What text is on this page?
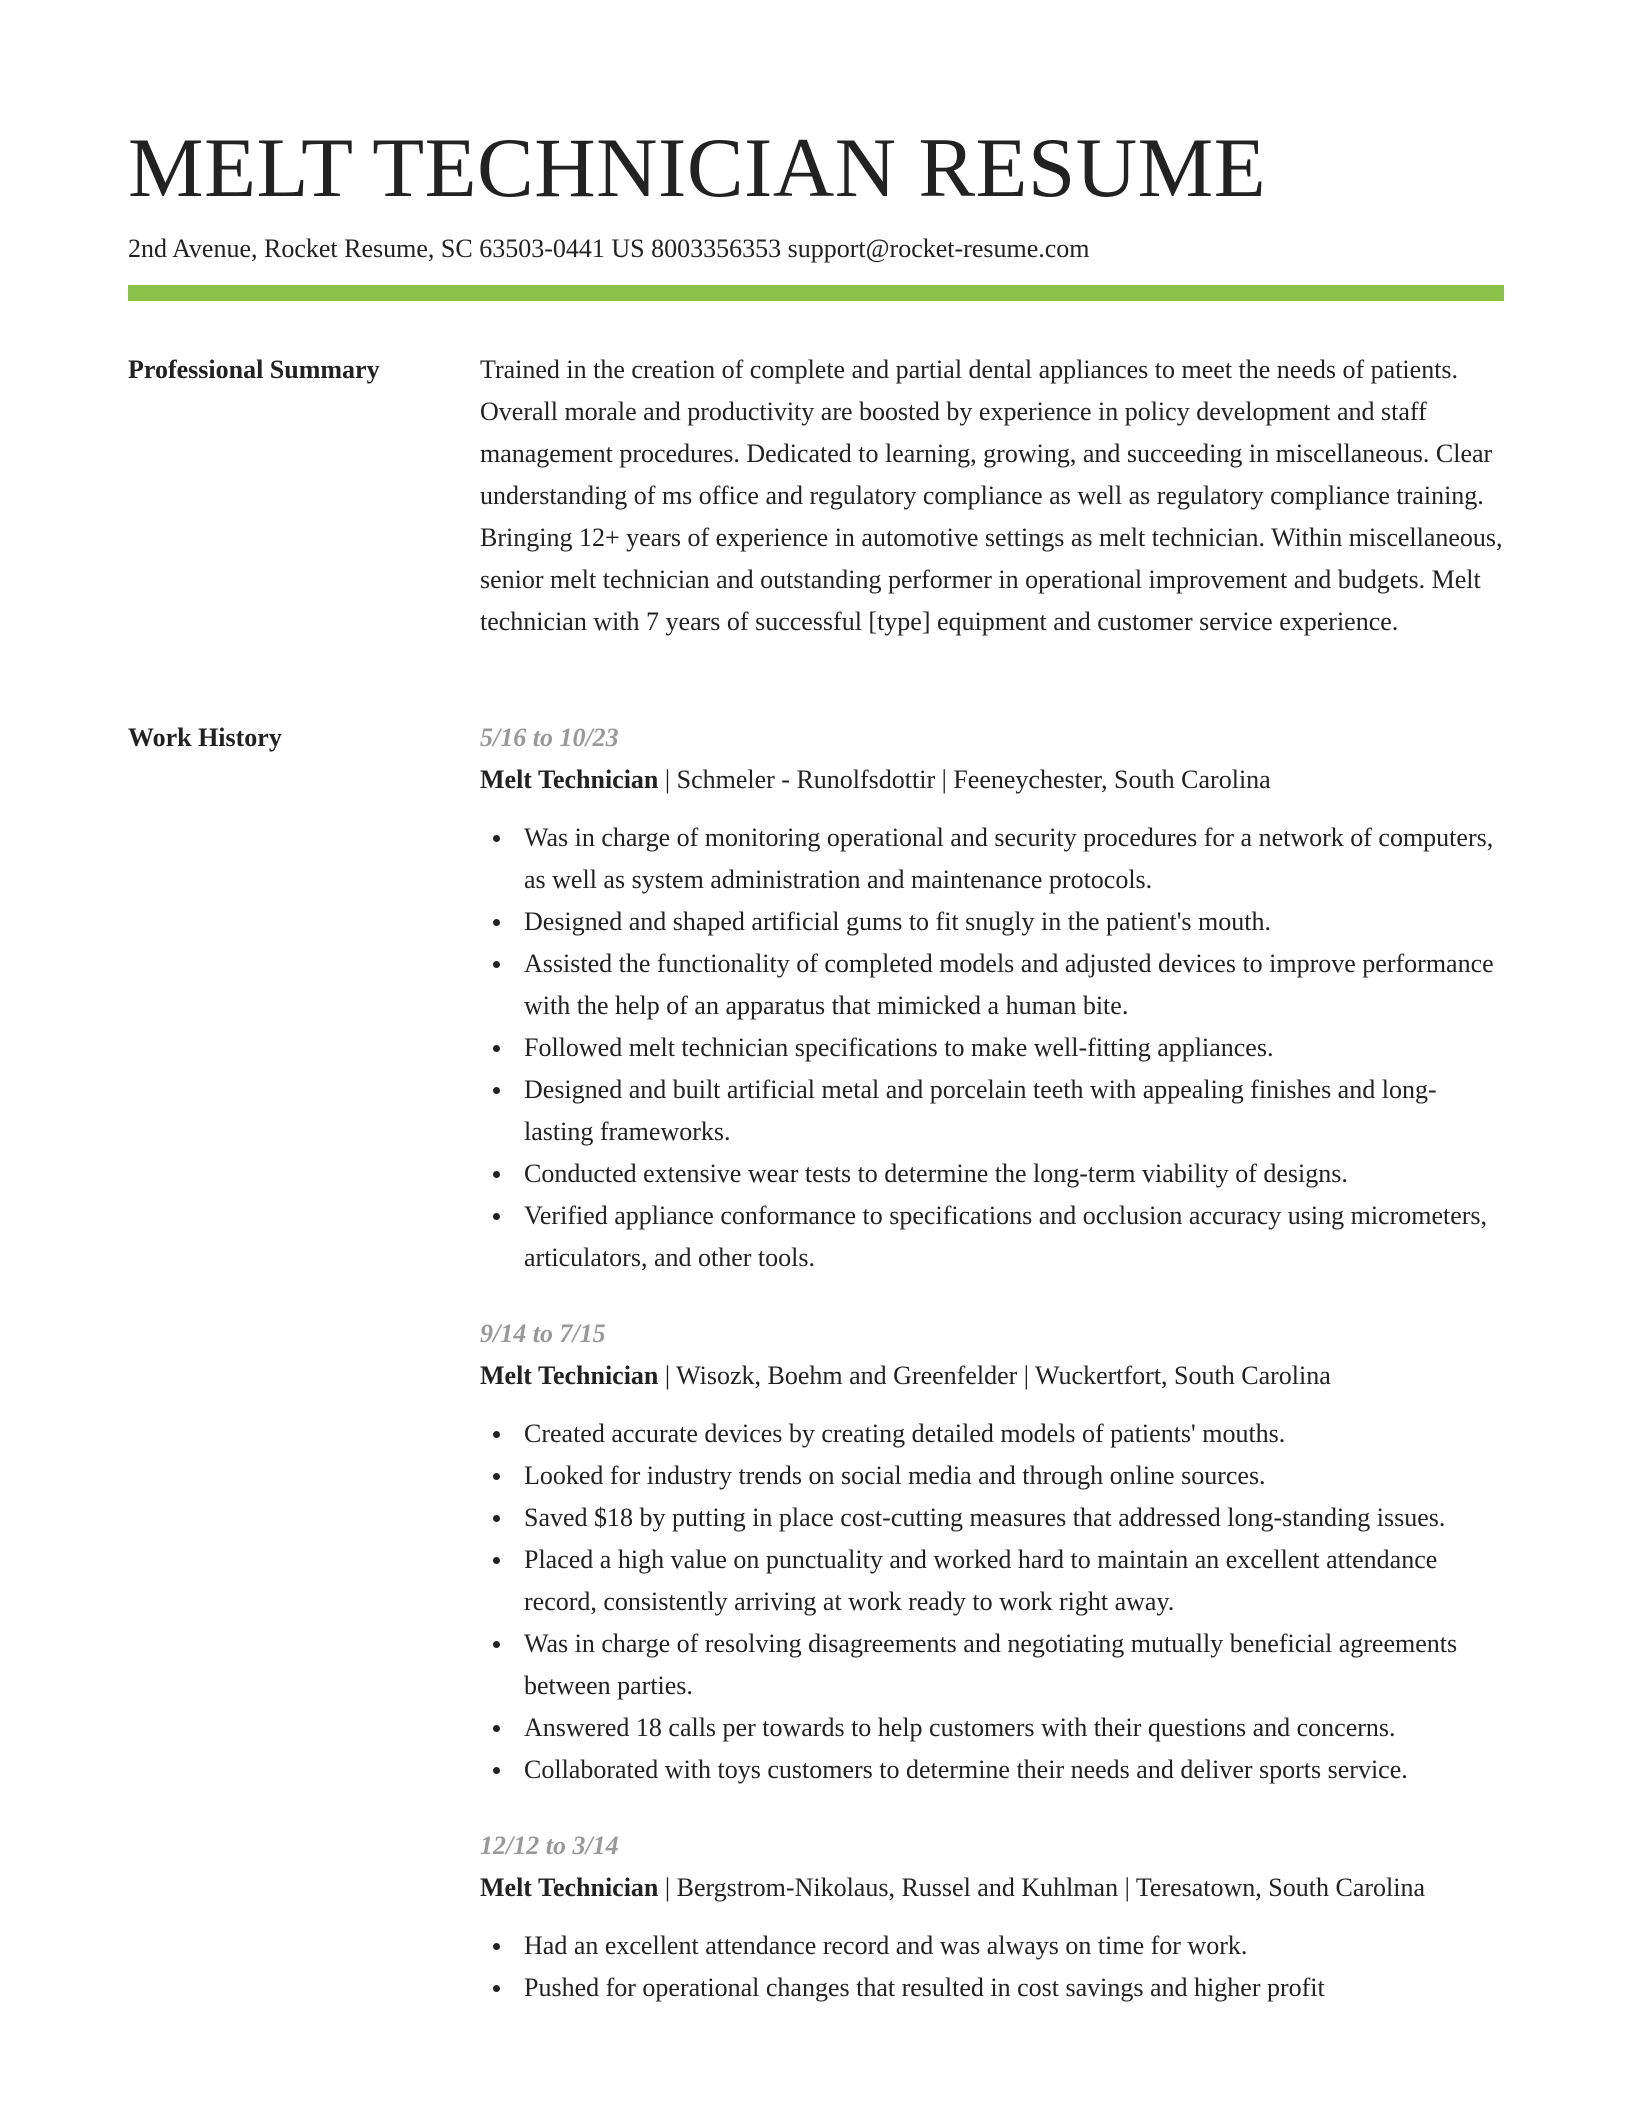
MELT TECHNICIAN RESUME
2nd Avenue, Rocket Resume, SC 63503-0441 US 8003356353 support@rocket-resume.com
Professional Summary	Trained in the creation of complete and partial dental appliances to meet the needs of patients. Overall morale and productivity are boosted by experience in policy development and staff management procedures. Dedicated to learning, growing, and succeeding in miscellaneous. Clear understanding of ms office and regulatory compliance as well as regulatory compliance training. Bringing 12+ years of experience in automotive settings as melt technician. Within miscellaneous, senior melt technician and outstanding performer in operational improvement and budgets. Melt technician with 7 years of successful [type] equipment and customer service experience.

Work History	5/16 to 10/23
Melt Technician | Schmeler - Runolfsdottir | Feeneychester, South Carolina
Was in charge of monitoring operational and security procedures for a network of computers, as well as system administration and maintenance protocols.
Designed and shaped artificial gums to fit snugly in the patient's mouth.
Assisted the functionality of completed models and adjusted devices to improve performance with the help of an apparatus that mimicked a human bite.
Followed melt technician specifications to make well-fitting appliances.
Designed and built artificial metal and porcelain teeth with appealing finishes and long-lasting frameworks.
Conducted extensive wear tests to determine the long-term viability of designs.
Verified appliance conformance to specifications and occlusion accuracy using micrometers, articulators, and other tools.
9/14 to 7/15
Melt Technician | Wisozk, Boehm and Greenfelder | Wuckertfort, South Carolina
Created accurate devices by creating detailed models of patients' mouths.
Looked for industry trends on social media and through online sources.
Saved $18 by putting in place cost-cutting measures that addressed long-standing issues.
Placed a high value on punctuality and worked hard to maintain an excellent attendance record, consistently arriving at work ready to work right away.
Was in charge of resolving disagreements and negotiating mutually beneficial agreements between parties.
Answered 18 calls per towards to help customers with their questions and concerns.
Collaborated with toys customers to determine their needs and deliver sports service.
12/12 to 3/14
Melt Technician | Bergstrom-Nikolaus, Russel and Kuhlman | Teresatown, South Carolina
Had an excellent attendance record and was always on time for work.
Pushed for operational changes that resulted in cost savings and higher profit
